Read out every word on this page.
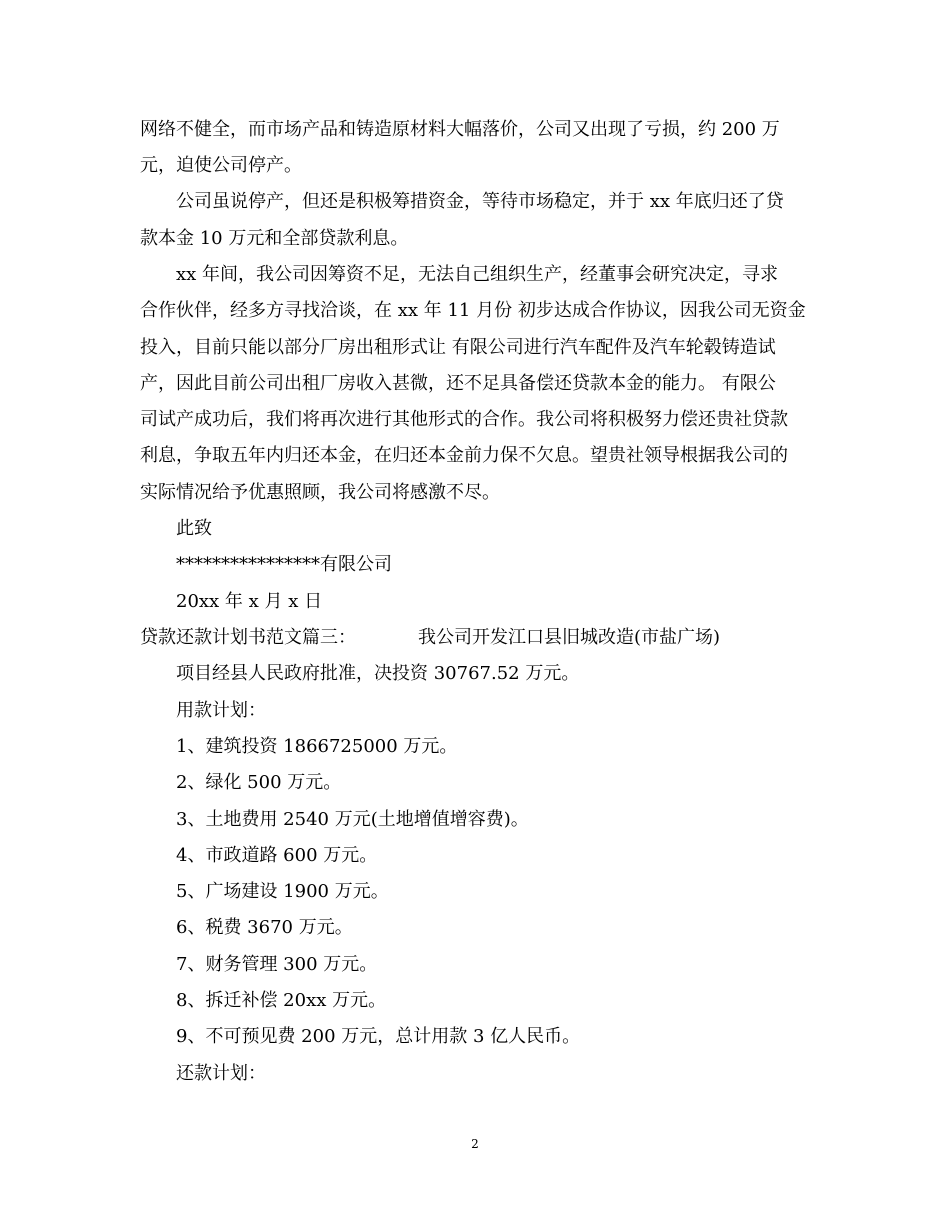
网络不健全，而市场产品和铸造原材料大幅落价，公司又出现了亏损，约 200 万
元，迫使公司停产。
公司虽说停产，但还是积极筹措资金，等待市场稳定，并于 xx 年底归还了贷
款本金 10 万元和全部贷款利息。
xx 年间，我公司因筹资不足，无法自己组织生产，经董事会研究决定，寻求
合作伙伴，经多方寻找洽谈，在 xx 年 11 月份 初步达成合作协议，因我公司无资金
投入，目前只能以部分厂房出租形式让 有限公司进行汽车配件及汽车轮毂铸造试
产，因此目前公司出租厂房收入甚微，还不足具备偿还贷款本金的能力。 有限公
司试产成功后，我们将再次进行其他形式的合作。我公司将积极努力偿还贵社贷款
利息，争取五年内归还本金，在归还本金前力保不欠息。望贵社领导根据我公司的
实际情况给予优惠照顾，我公司将感激不尽。
此致
****************有限公司
20xx 年 x 月 x 日
贷款还款计划书范文篇三：	我公司开发江口县旧城改造(市盐广场)
项目经县人民政府批准，决投资 30767.52 万元。
用款计划：
1、建筑投资 1866725000 万元。
2、绿化 500 万元。
3、土地费用 2540 万元(土地增值增容费)。
4、市政道路 600 万元。
5、广场建设 1900 万元。
6、税费 3670 万元。
7、财务管理 300 万元。
8、拆迁补偿 20xx 万元。
9、不可预见费 200 万元，总计用款 3 亿人民币。
还款计划：
2
